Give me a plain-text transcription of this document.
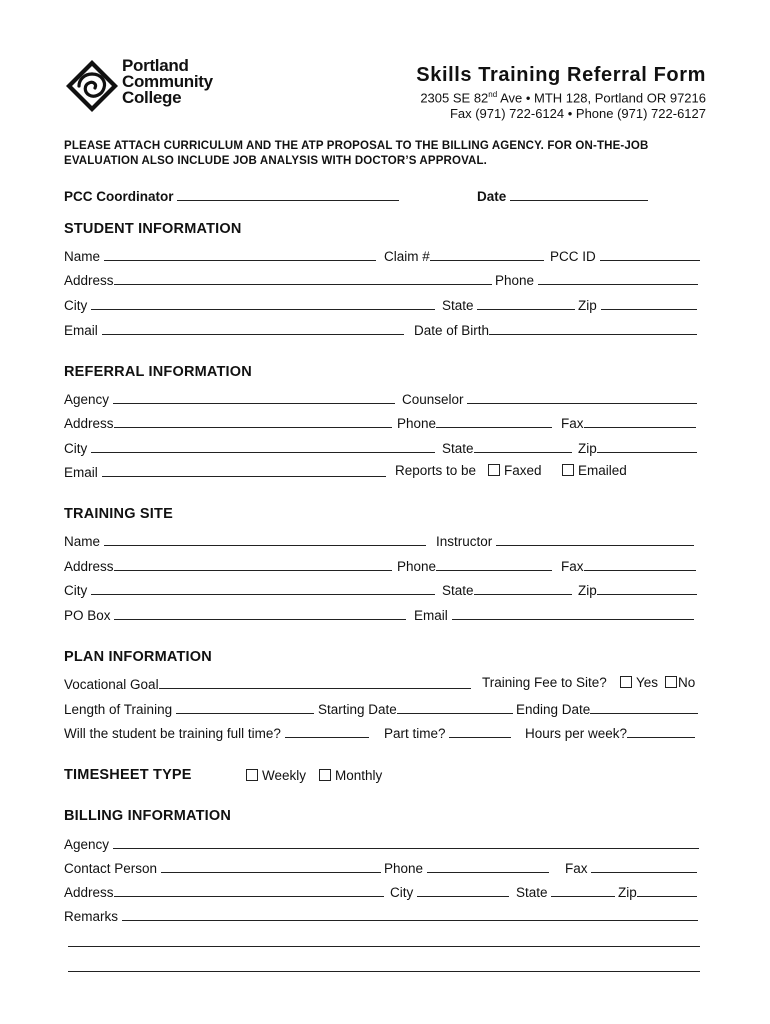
Portland
Community
College
Skills Training Referral Form
2305 SE 82nd Ave • MTH 128, Portland OR 97216
Fax (971) 722-6124 • Phone (971) 722-6127
PLEASE ATTACH CURRICULUM AND THE ATP PROPOSAL TO THE BILLING AGENCY. FOR ON-THE-JOB EVALUATION ALSO INCLUDE JOB ANALYSIS WITH DOCTOR’S APPROVAL.
PCC Coordinator	Date
STUDENT INFORMATION
Name	Claim #	PCC ID
Address	Phone
City	State	Zip
Email	Date of Birth
REFERRAL INFORMATION
Agency	Counselor
Address	Phone	Fax
City	State	Zip
Email	Reports to be	Faxed	Emailed
TRAINING SITE
Name	Instructor
Address	Phone	Fax
City	State	Zip
PO Box	Email
PLAN INFORMATION
Vocational Goal	Training Fee to Site?	Yes	No
Length of Training	Starting Date	Ending Date
Will the student be training full time?	Part time?	Hours per week?
TIMESHEET TYPE	Weekly	Monthly
BILLING INFORMATION
Agency
Contact Person	Phone	Fax
Address	City	State	Zip
Remarks
